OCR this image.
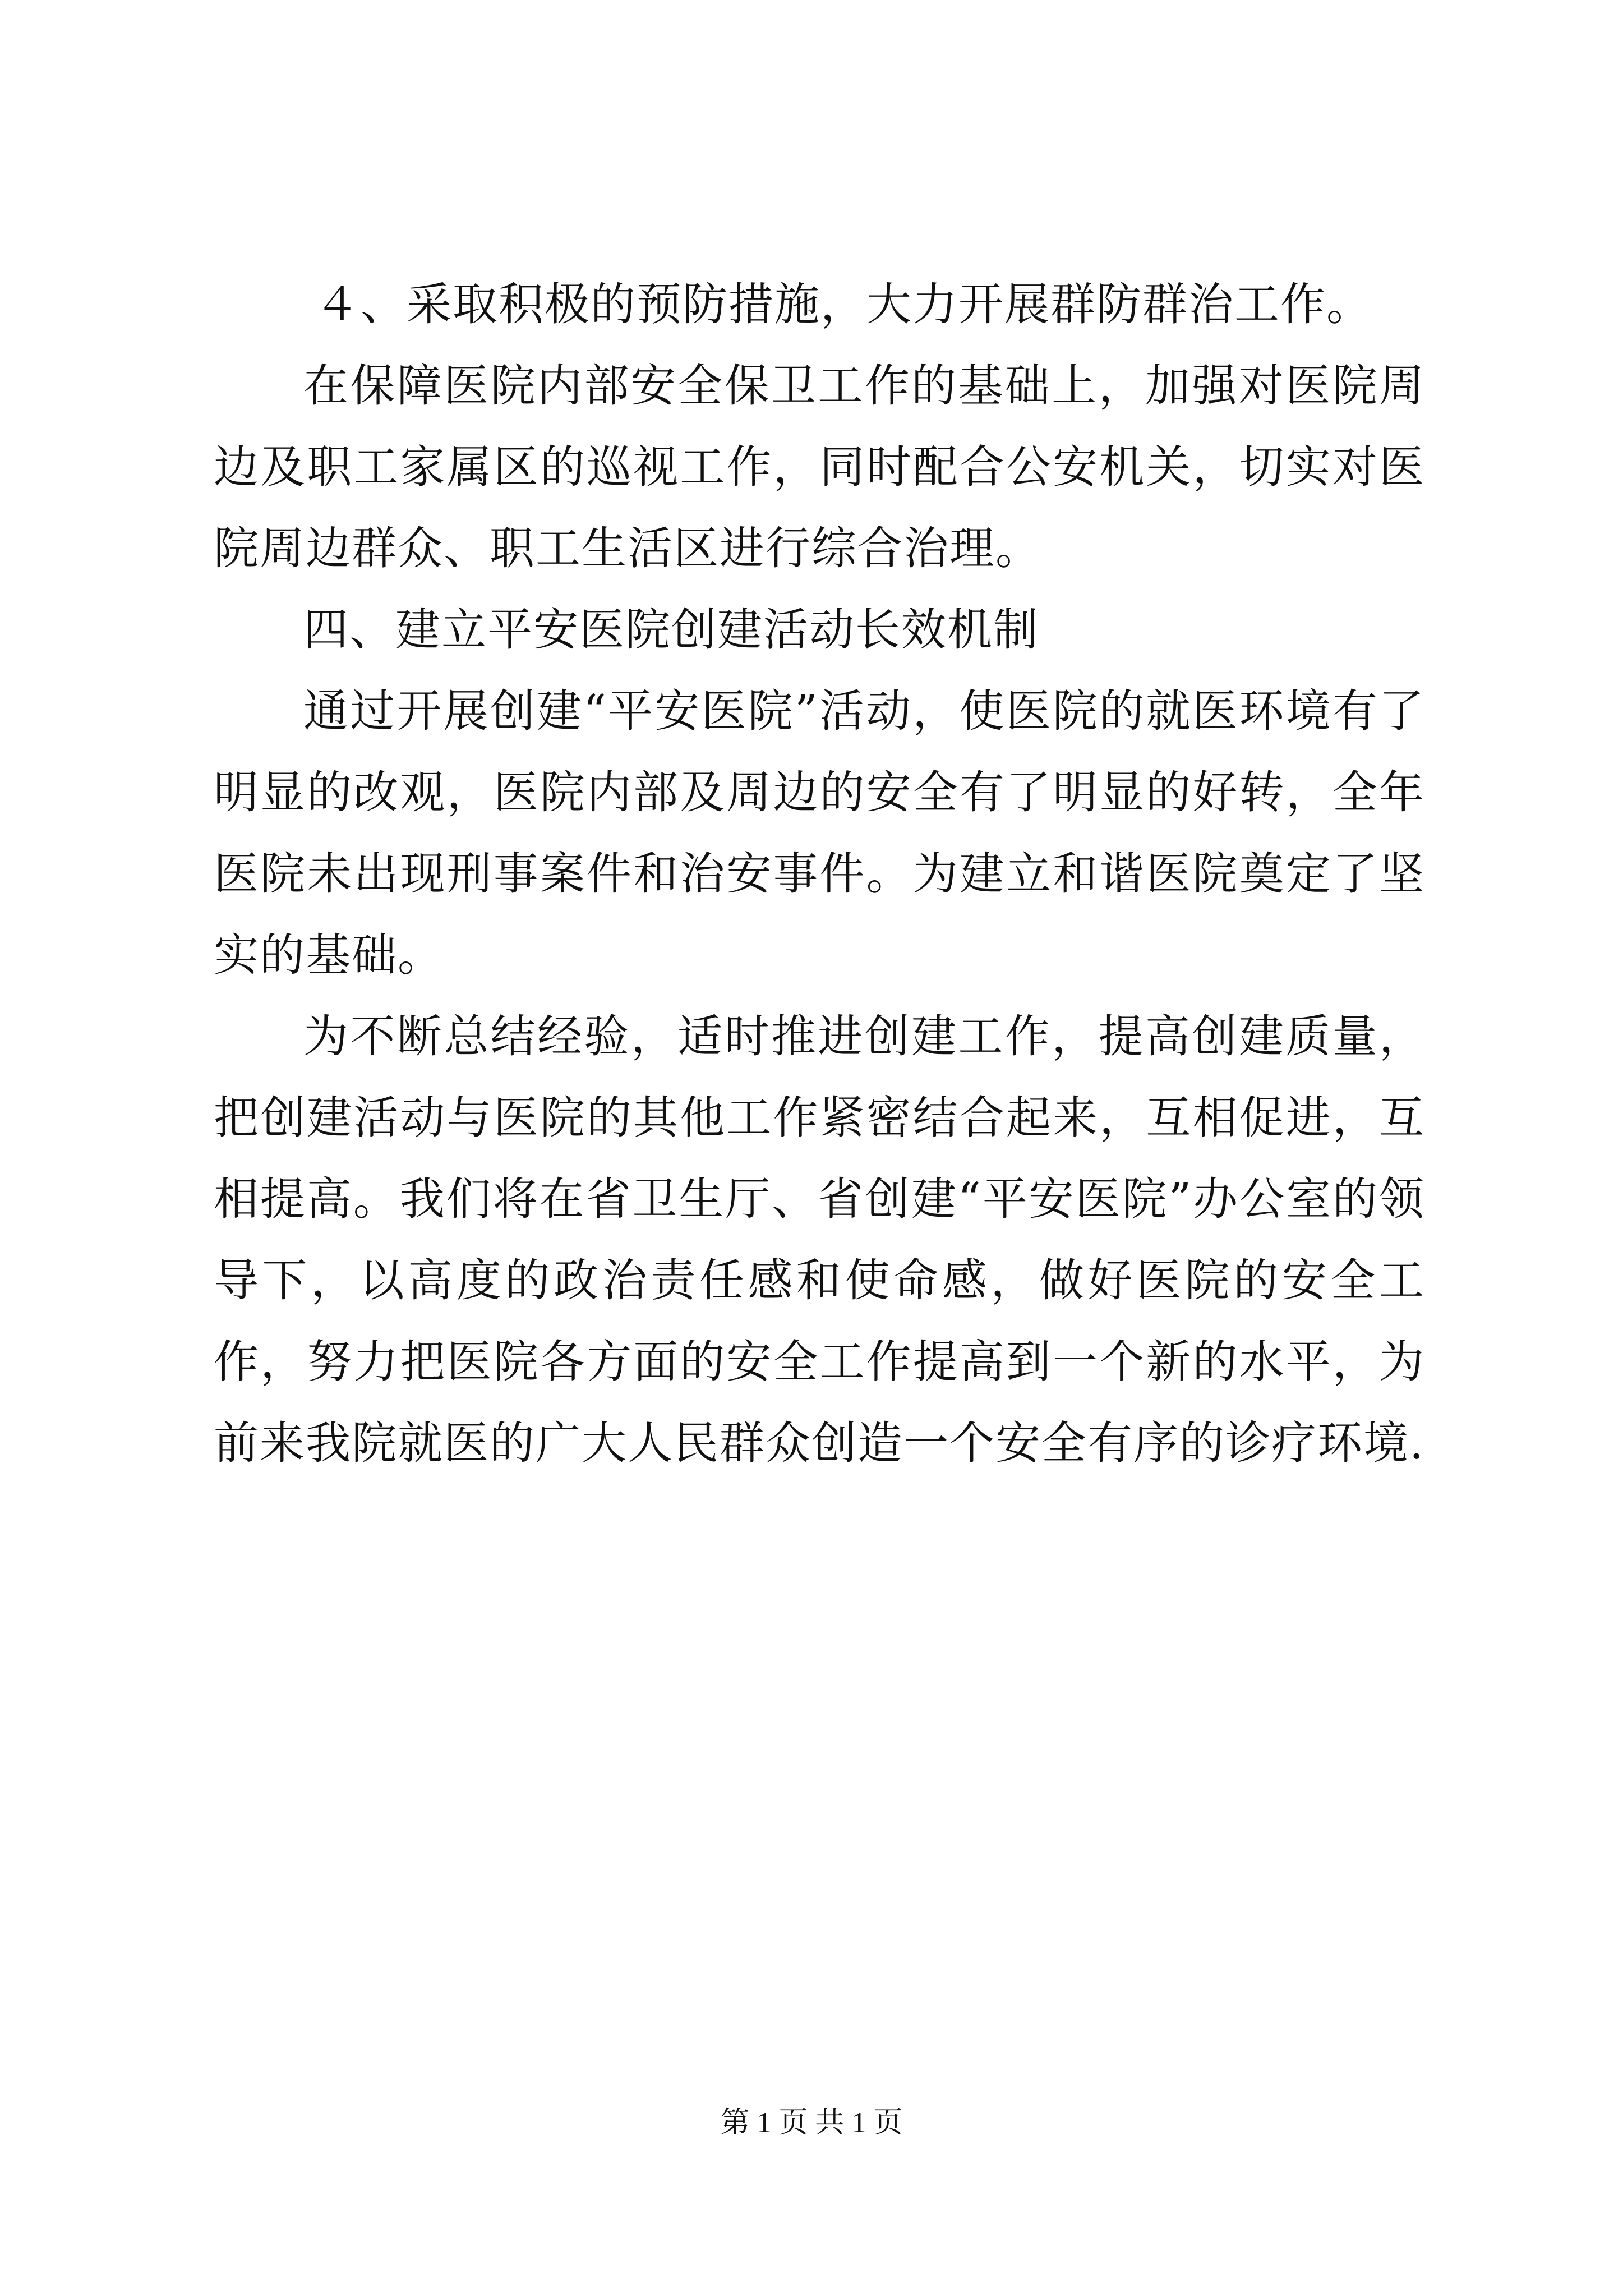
４、采取积极的预防措施，大力开展群防群治工作。

在保障医院内部安全保卫工作的基础上，加强对医院周边及职工家属区的巡视工作，同时配合公安机关，切实对医院周边群众、职工生活区进行综合治理。

四、建立平安医院创建活动长效机制

通过开展创建“平安医院”活动，使医院的就医环境有了明显的改观，医院内部及周边的安全有了明显的好转，全年医院未出现刑事案件和治安事件。为建立和谐医院奠定了坚实的基础。

为不断总结经验，适时推进创建工作，提高创建质量，把创建活动与医院的其他工作紧密结合起来，互相促进，互相提高。我们将在省卫生厅、省创建“平安医院”办公室的领导下，以高度的政治责任感和使命感，做好医院的安全工作，努力把医院各方面的安全工作提高到一个新的水平，为前来我院就医的广大人民群众创造一个安全有序的诊疗环境.

第 1 页 共 1 页
